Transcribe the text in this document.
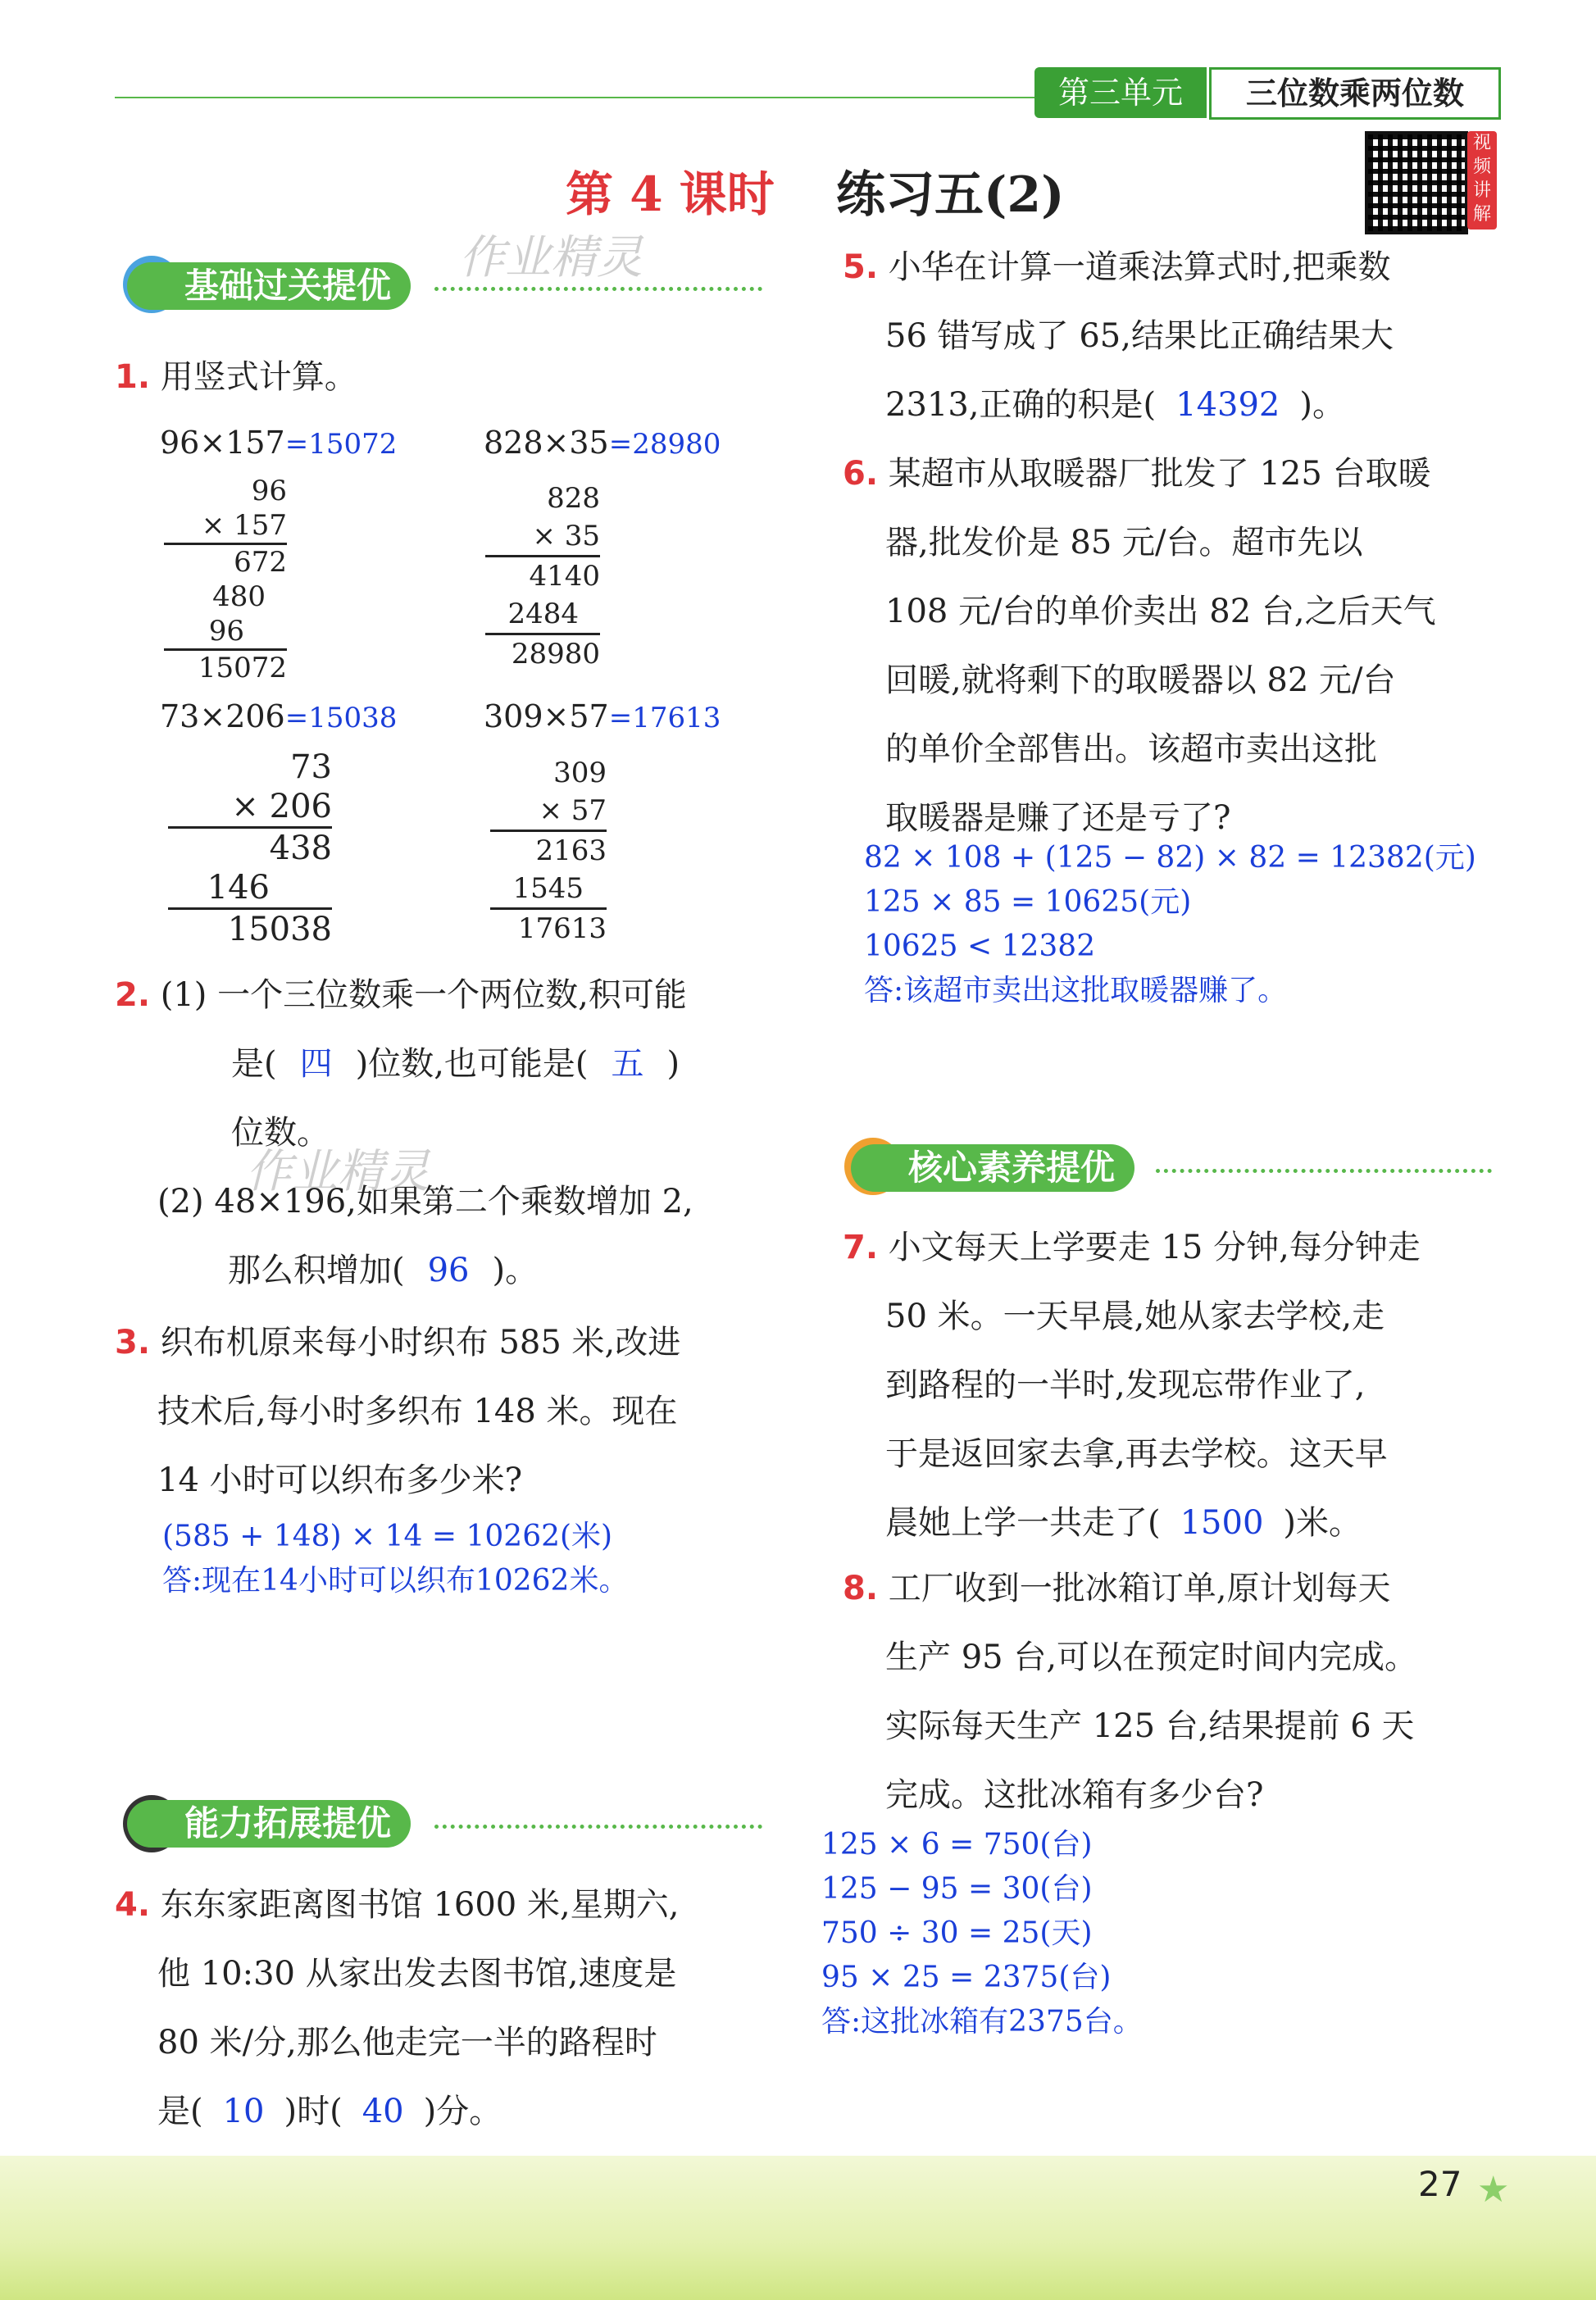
第三单元	三位数乘两位数
第 4 课时 练习五(2)
视频讲解
作业精灵
基础过关提优
1. 用竖式计算。
96×157=15072
96
× 157
672
480
96
15072
828×35=28980
828
× 35
4140
2484
28980
73×206=15038
73
× 206
438
146
15038
309×57=17613
309
× 57
2163
1545
17613
2. (1) 一个三位数乘一个两位数,积可能
是( 四 )位数,也可能是( 五 )
位数。
(2) 48×196,如果第二个乘数增加 2,
那么积增加( 96 )。
作业精灵
3. 织布机原来每小时织布 585 米,改进
技术后,每小时多织布 148 米。现在
14 小时可以织布多少米?
(585 + 148) × 14 = 10262(米)
答:现在14小时可以织布10262米。
能力拓展提优
4. 东东家距离图书馆 1600 米,星期六,
他 10:30 从家出发去图书馆,速度是
80 米/分,那么他走完一半的路程时
是( 10 )时( 40 )分。
5. 小华在计算一道乘法算式时,把乘数
56 错写成了 65,结果比正确结果大
2313,正确的积是( 14392 )。
6. 某超市从取暖器厂批发了 125 台取暖
器,批发价是 85 元/台。超市先以
108 元/台的单价卖出 82 台,之后天气
回暖,就将剩下的取暖器以 82 元/台
的单价全部售出。该超市卖出这批
取暖器是赚了还是亏了?
82 × 108 + (125 − 82) × 82 = 12382(元)
125 × 85 = 10625(元)
10625 < 12382
答:该超市卖出这批取暖器赚了。
核心素养提优
7. 小文每天上学要走 15 分钟,每分钟走
50 米。一天早晨,她从家去学校,走
到路程的一半时,发现忘带作业了,
于是返回家去拿,再去学校。这天早
晨她上学一共走了( 1500 )米。
8. 工厂收到一批冰箱订单,原计划每天
生产 95 台,可以在预定时间内完成。
实际每天生产 125 台,结果提前 6 天
完成。这批冰箱有多少台?
125 × 6 = 750(台)
125 − 95 = 30(台)
750 ÷ 30 = 25(天)
95 × 25 = 2375(台)
答:这批冰箱有2375台。
27 ★
